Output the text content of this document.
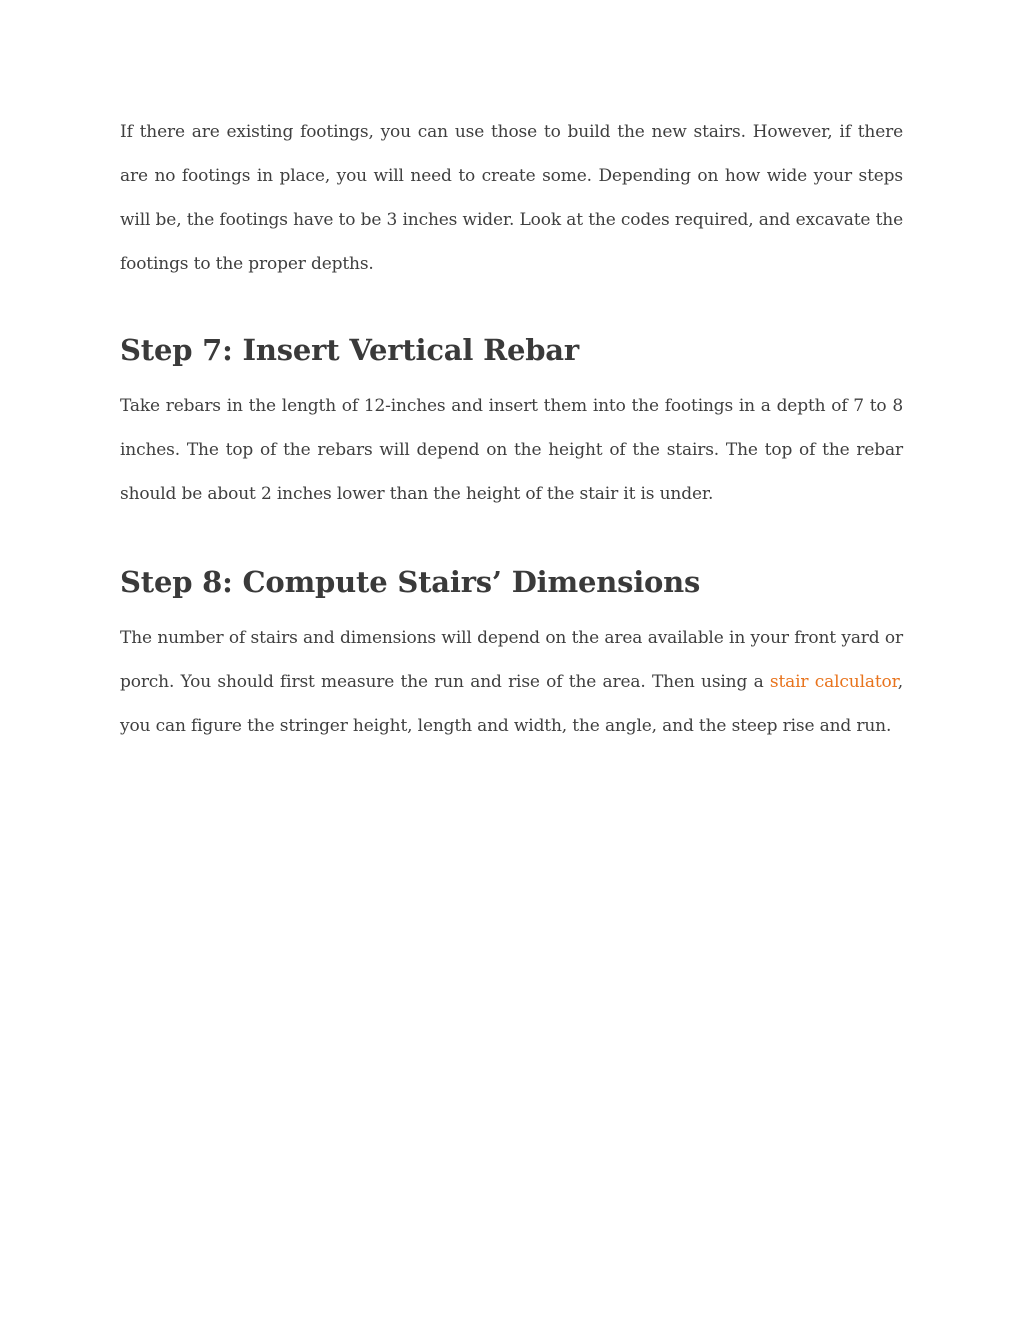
If there are existing footings, you can use those to build the new stairs. However, if there are no footings in place, you will need to create some. Depending on how wide your steps will be, the footings have to be 3 inches wider. Look at the codes required, and excavate the footings to the proper depths.

Step 7: Insert Vertical Rebar

Take rebars in the length of 12-inches and insert them into the footings in a depth of 7 to 8 inches. The top of the rebars will depend on the height of the stairs. The top of the rebar should be about 2 inches lower than the height of the stair it is under.

Step 8: Compute Stairs’ Dimensions

The number of stairs and dimensions will depend on the area available in your front yard or porch. You should first measure the run and rise of the area. Then using a stair calculator, you can figure the stringer height, length and width, the angle, and the steep rise and run.
